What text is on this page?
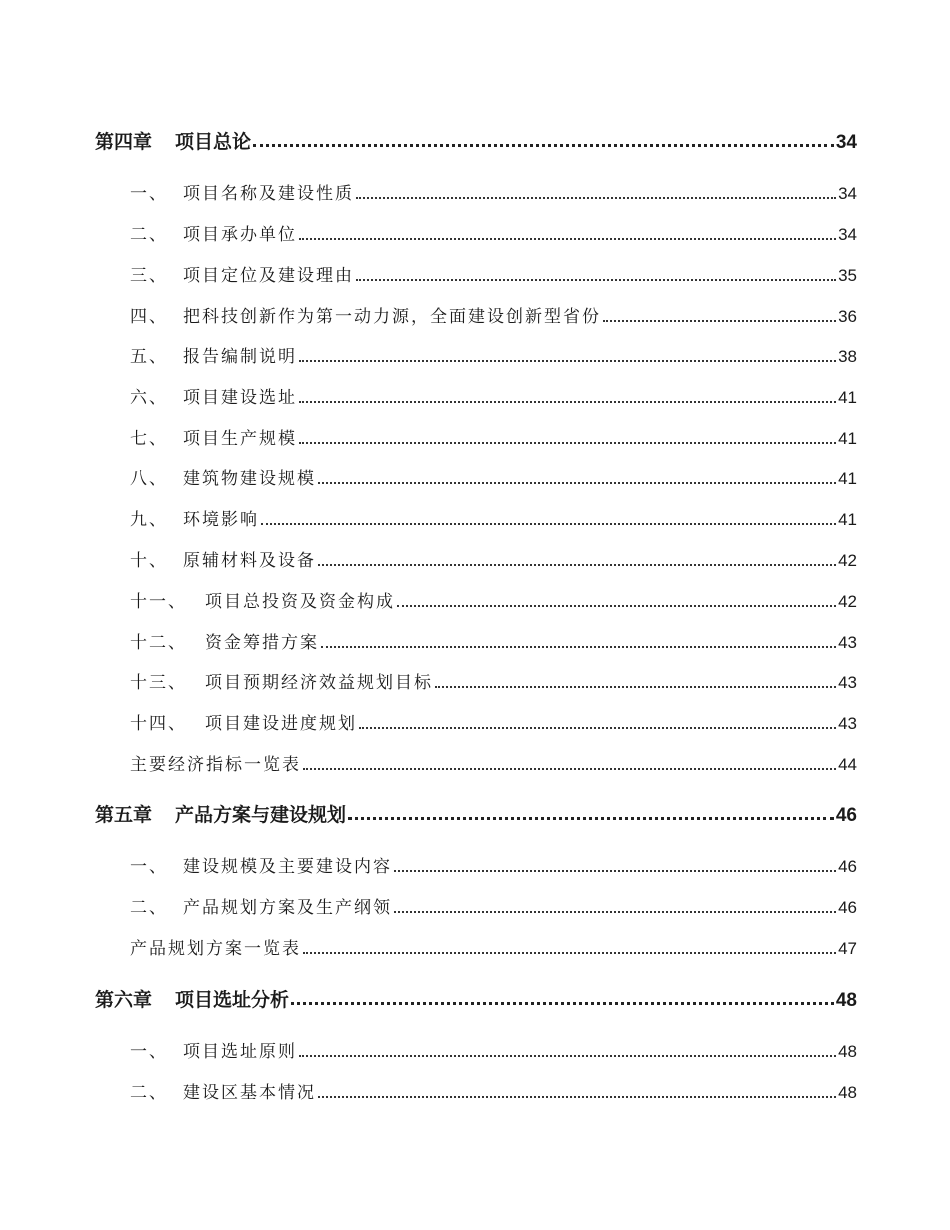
第四章	项目总论	34
一、 项目名称及建设性质	34
二、 项目承办单位	34
三、 项目定位及建设理由	35
四、 把科技创新作为第一动力源，全面建设创新型省份	36
五、 报告编制说明	38
六、 项目建设选址	41
七、 项目生产规模	41
八、 建筑物建设规模	41
九、 环境影响	41
十、 原辅材料及设备	42
十一、	项目总投资及资金构成	42
十二、	资金筹措方案	43
十三、	项目预期经济效益规划目标	43
十四、	项目建设进度规划	43
主要经济指标一览表	44
第五章	产品方案与建设规划	46
一、 建设规模及主要建设内容	46
二、 产品规划方案及生产纲领	46
产品规划方案一览表	47
第六章	项目选址分析	48
一、 项目选址原则	48
二、 建设区基本情况	48
